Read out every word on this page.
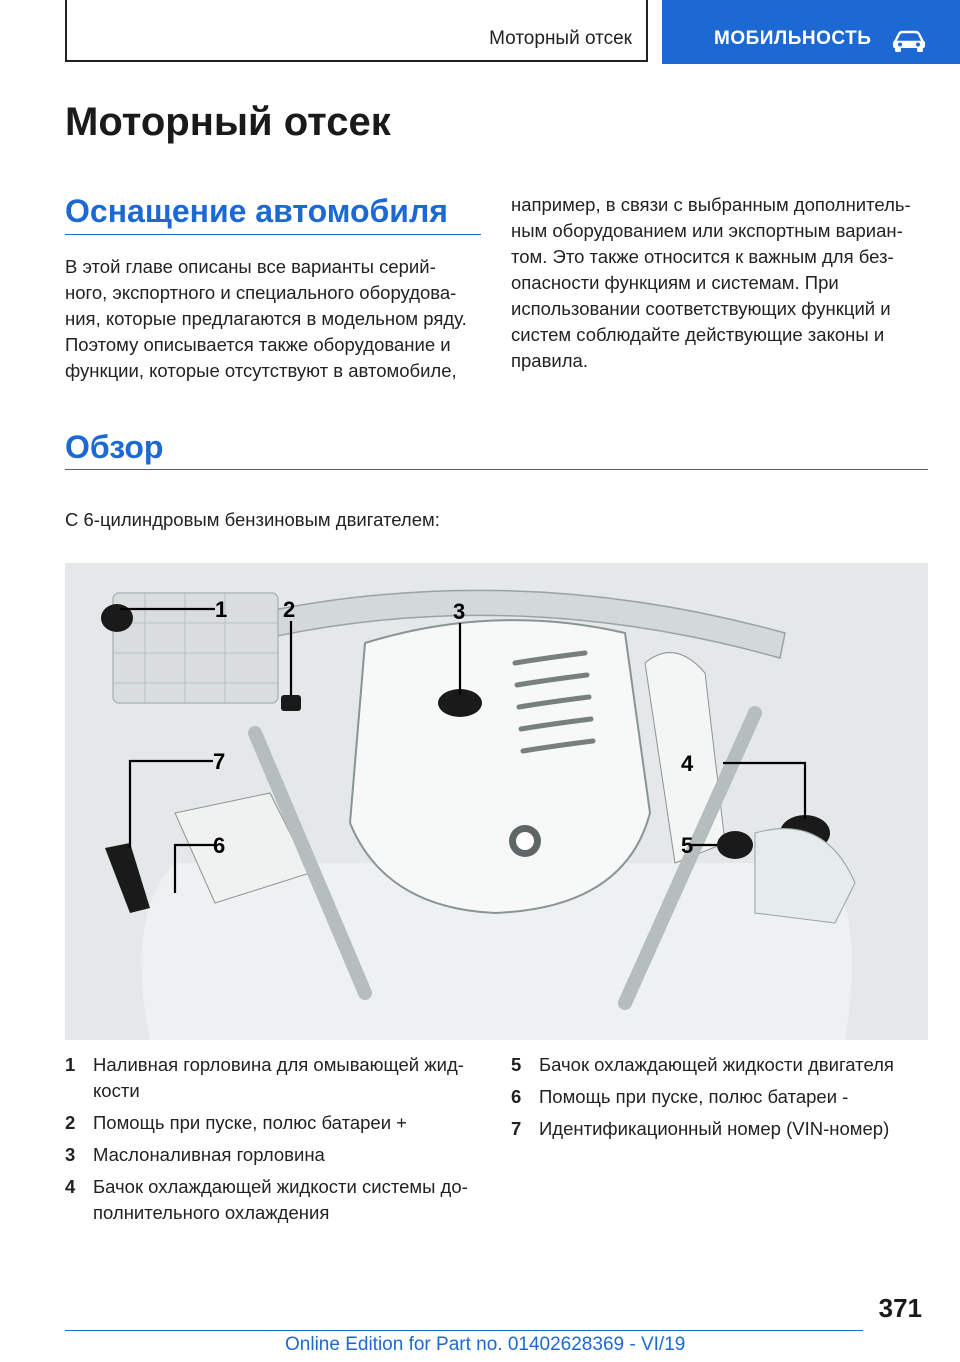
Моторный отсек	МОБИЛЬНОСТЬ
Моторный отсек
Оснащение автомобиля

В этой главе описаны все варианты серий-
ного, экспортного и специального оборудова-
ния, которые предлагаются в модельном ряду.
Поэтому описывается также оборудование и
функции, которые отсутствуют в автомобиле,

например, в связи с выбранным дополнитель-
ным оборудованием или экспортным вариан-
том. Это также относится к важным для без-
опасности функциям и системам. При
использовании соответствующих функций и
систем соблюдайте действующие законы и
правила.

Обзор

С 6-цилиндровым бензиновым двигателем:

1	2	3
4
5
6
7
1 Наливная горловина для омывающей жид-
кости
2 Помощь при пуске, полюс батареи +
3 Маслоналивная горловина
4 Бачок охлаждающей жидкости системы до-
полнительного охлаждения
5 Бачок охлаждающей жидкости двигателя
6 Помощь при пуске, полюс батареи -
7 Идентификационный номер (VIN-номер)
371
Online Edition for Part no. 01402628369 - VI/19
